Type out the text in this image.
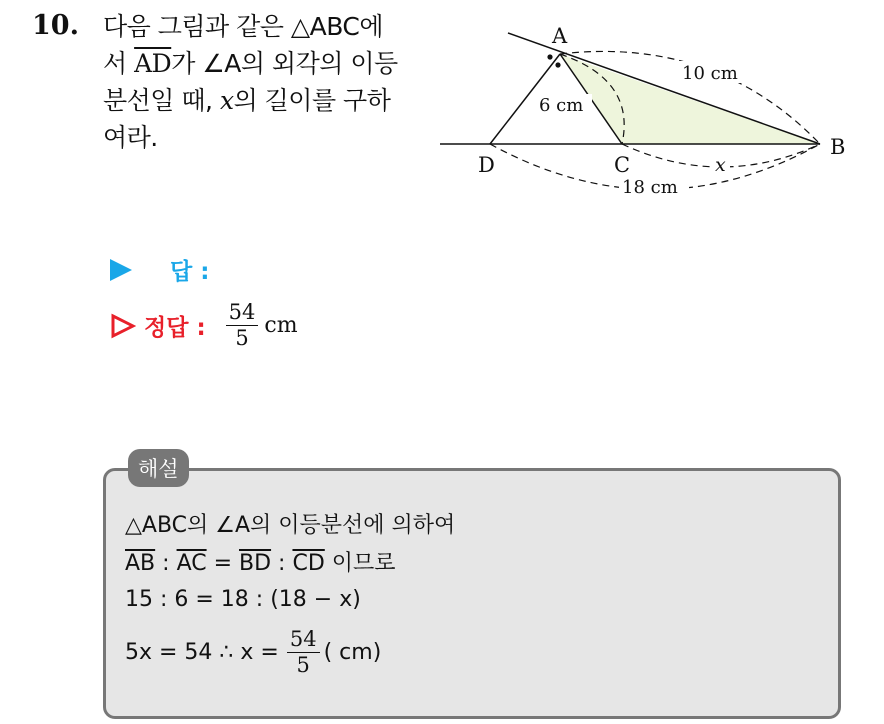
10. 다음 그림과 같은 △ABC에
서 $\overline{AD}$가 ∠A의 외각의 이등
분선일 때, x의 길이를 구하
여라.
A
B
C
D
10 cm
6 cm
x
18 cm
답 :
정답 : $\frac{54}{5}$ cm
해설
△ABC의 ∠A의 이등분선에 의하여
$\overline{AB}$ : $\overline{AC} = \overline{BD}$ : $\overline{CD}$ 이므로
15 : 6 = 18 : (18 − x)
5x = 54 ∴ $x = \frac{54}{5}$ ( cm)
